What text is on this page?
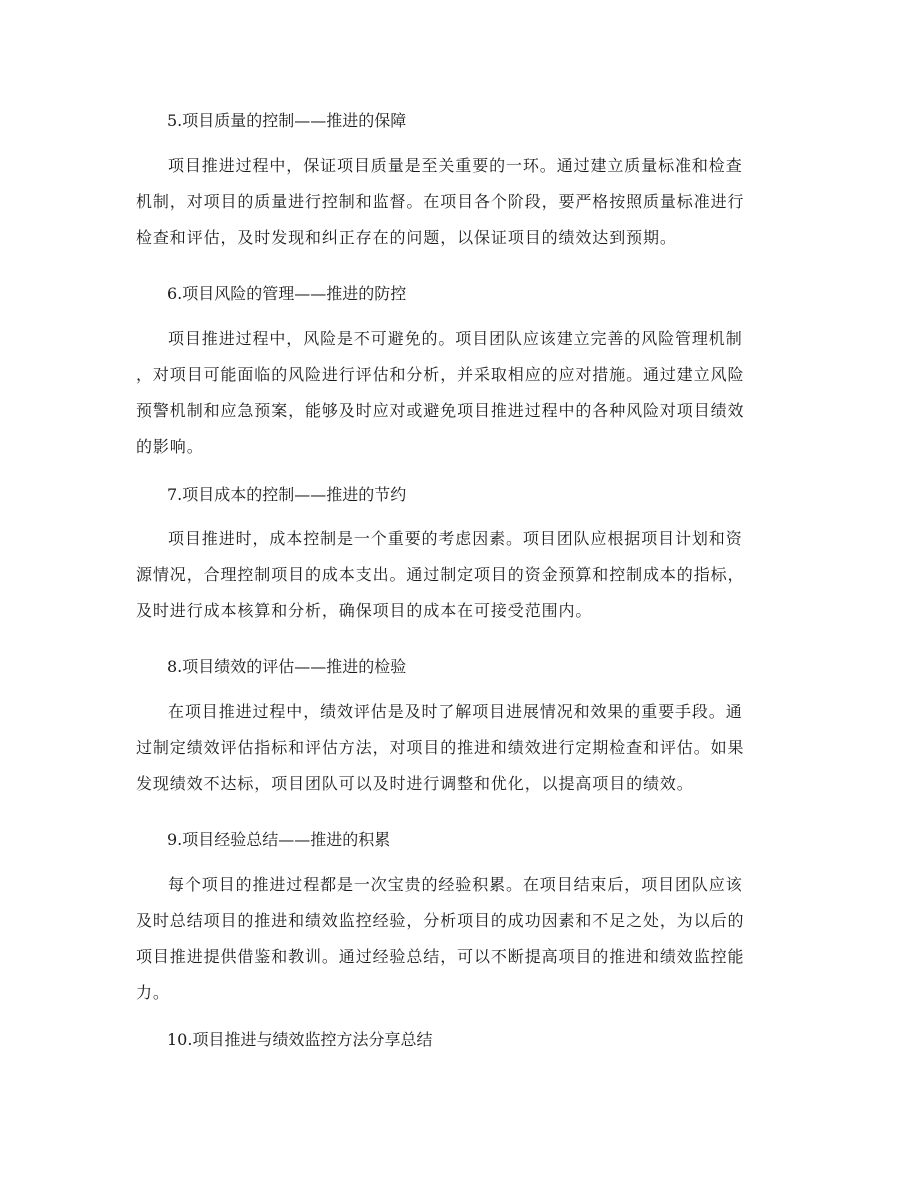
5.项目质量的控制——推进的保障
项目推进过程中，保证项目质量是至关重要的一环。通过建立质量标准和检查
机制，对项目的质量进行控制和监督。在项目各个阶段，要严格按照质量标准进行
检查和评估，及时发现和纠正存在的问题，以保证项目的绩效达到预期。
6.项目风险的管理——推进的防控
项目推进过程中，风险是不可避免的。项目团队应该建立完善的风险管理机制
，对项目可能面临的风险进行评估和分析，并采取相应的应对措施。通过建立风险
预警机制和应急预案，能够及时应对或避免项目推进过程中的各种风险对项目绩效
的影响。
7.项目成本的控制——推进的节约
项目推进时，成本控制是一个重要的考虑因素。项目团队应根据项目计划和资
源情况，合理控制项目的成本支出。通过制定项目的资金预算和控制成本的指标，
及时进行成本核算和分析，确保项目的成本在可接受范围内。
8.项目绩效的评估——推进的检验
在项目推进过程中，绩效评估是及时了解项目进展情况和效果的重要手段。通
过制定绩效评估指标和评估方法，对项目的推进和绩效进行定期检查和评估。如果
发现绩效不达标，项目团队可以及时进行调整和优化，以提高项目的绩效。
9.项目经验总结——推进的积累
每个项目的推进过程都是一次宝贵的经验积累。在项目结束后，项目团队应该
及时总结项目的推进和绩效监控经验，分析项目的成功因素和不足之处，为以后的
项目推进提供借鉴和教训。通过经验总结，可以不断提高项目的推进和绩效监控能
力。
10.项目推进与绩效监控方法分享总结
